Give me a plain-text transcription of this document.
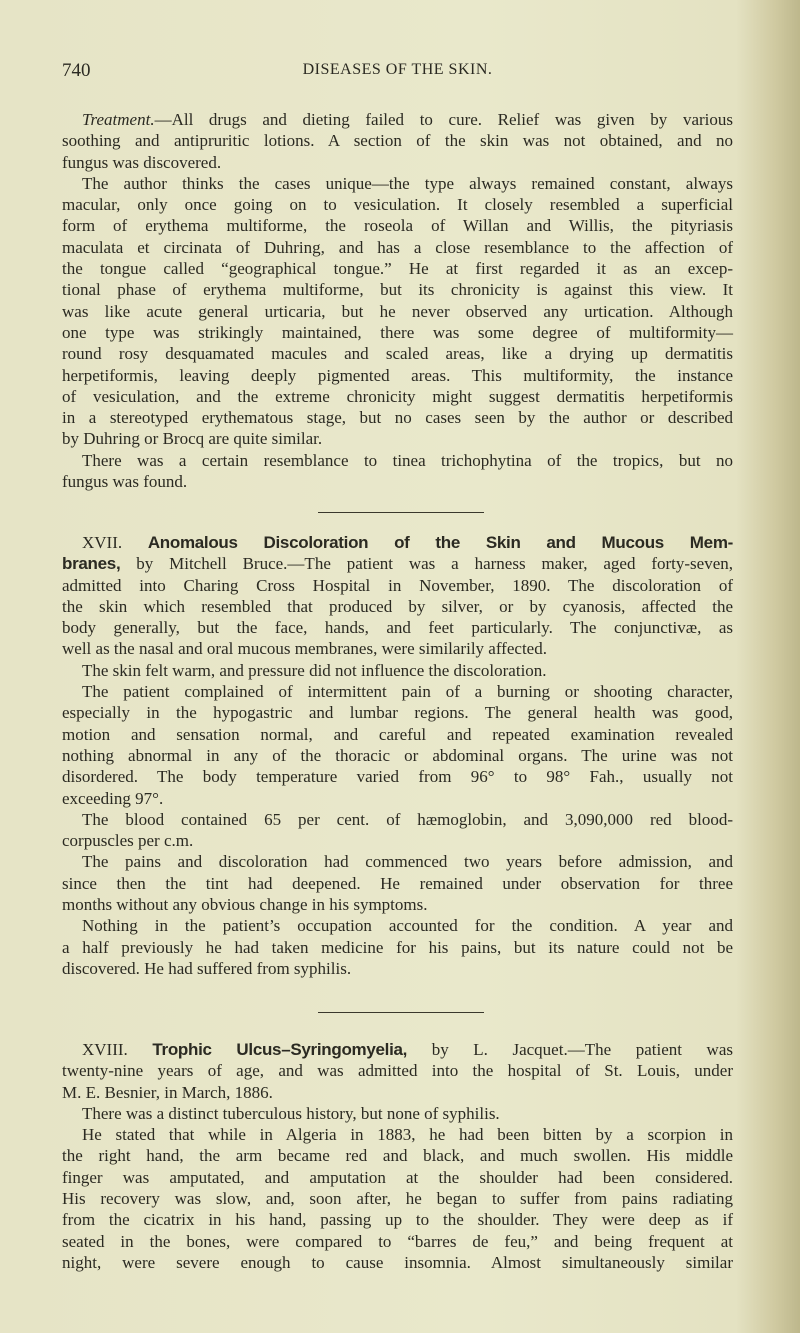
740	DISEASES OF THE SKIN.
Treatment.—All drugs and dieting failed to cure. Relief was given by various
soothing and antipruritic lotions. A section of the skin was not obtained, and no
fungus was discovered.
The author thinks the cases unique—the type always remained constant, always
macular, only once going on to vesiculation. It closely resembled a superficial
form of erythema multiforme, the roseola of Willan and Willis, the pityriasis
maculata et circinata of Duhring, and has a close resemblance to the affection of
the tongue called “geographical tongue.” He at first regarded it as an excep-
tional phase of erythema multiforme, but its chronicity is against this view. It
was like acute general urticaria, but he never observed any urtication. Although
one type was strikingly maintained, there was some degree of multiformity—
round rosy desquamated macules and scaled areas, like a drying up dermatitis
herpetiformis, leaving deeply pigmented areas. This multiformity, the instance
of vesiculation, and the extreme chronicity might suggest dermatitis herpetiformis
in a stereotyped erythematous stage, but no cases seen by the author or described
by Duhring or Brocq are quite similar.
There was a certain resemblance to tinea trichophytina of the tropics, but no
fungus was found.
XVII. Anomalous Discoloration of the Skin and Mucous Mem-
branes, by Mitchell Bruce.—The patient was a harness maker, aged forty-seven,
admitted into Charing Cross Hospital in November, 1890. The discoloration of
the skin which resembled that produced by silver, or by cyanosis, affected the
body generally, but the face, hands, and feet particularly. The conjunctivæ, as
well as the nasal and oral mucous membranes, were similarily affected.
The skin felt warm, and pressure did not influence the discoloration.
The patient complained of intermittent pain of a burning or shooting character,
especially in the hypogastric and lumbar regions. The general health was good,
motion and sensation normal, and careful and repeated examination revealed
nothing abnormal in any of the thoracic or abdominal organs. The urine was not
disordered. The body temperature varied from 96° to 98° Fah., usually not
exceeding 97°.
The blood contained 65 per cent. of hæmoglobin, and 3,090,000 red blood-
corpuscles per c.m.
The pains and discoloration had commenced two years before admission, and
since then the tint had deepened. He remained under observation for three
months without any obvious change in his symptoms.
Nothing in the patient’s occupation accounted for the condition. A year and
a half previously he had taken medicine for his pains, but its nature could not be
discovered. He had suffered from syphilis.
XVIII. Trophic Ulcus–Syringomyelia, by L. Jacquet.—The patient was
twenty-nine years of age, and was admitted into the hospital of St. Louis, under
M. E. Besnier, in March, 1886.
There was a distinct tuberculous history, but none of syphilis.
He stated that while in Algeria in 1883, he had been bitten by a scorpion in
the right hand, the arm became red and black, and much swollen. His middle
finger was amputated, and amputation at the shoulder had been considered.
His recovery was slow, and, soon after, he began to suffer from pains radiating
from the cicatrix in his hand, passing up to the shoulder. They were deep as if
seated in the bones, were compared to “barres de feu,” and being frequent at
night, were severe enough to cause insomnia. Almost simultaneously similar
